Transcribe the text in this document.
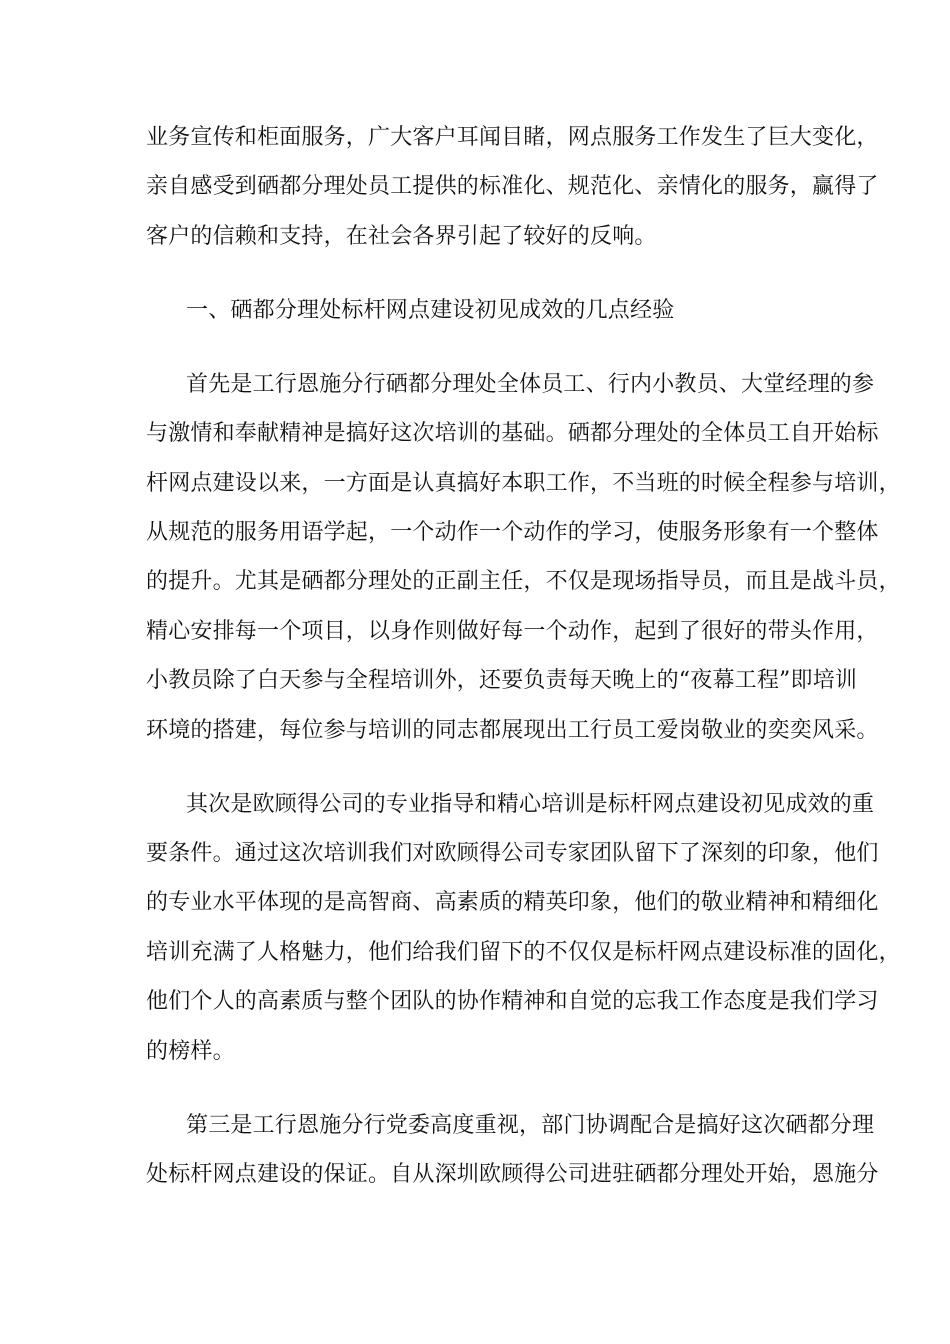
业务宣传和柜面服务，广大客户耳闻目睹，网点服务工作发生了巨大变化，
亲自感受到硒都分理处员工提供的标准化、规范化、亲情化的服务，赢得了
客户的信赖和支持，在社会各界引起了较好的反响。
一、硒都分理处标杆网点建设初见成效的几点经验
首先是工行恩施分行硒都分理处全体员工、行内小教员、大堂经理的参
与激情和奉献精神是搞好这次培训的基础。硒都分理处的全体员工自开始标
杆网点建设以来，一方面是认真搞好本职工作，不当班的时候全程参与培训，
从规范的服务用语学起，一个动作一个动作的学习，使服务形象有一个整体
的提升。尤其是硒都分理处的正副主任，不仅是现场指导员，而且是战斗员，
精心安排每一个项目，以身作则做好每一个动作，起到了很好的带头作用，
小教员除了白天参与全程培训外，还要负责每天晚上的“夜幕工程”即培训
环境的搭建，每位参与培训的同志都展现出工行员工爱岗敬业的奕奕风采。
其次是欧顾得公司的专业指导和精心培训是标杆网点建设初见成效的重
要条件。通过这次培训我们对欧顾得公司专家团队留下了深刻的印象，他们
的专业水平体现的是高智商、高素质的精英印象，他们的敬业精神和精细化
培训充满了人格魅力，他们给我们留下的不仅仅是标杆网点建设标准的固化，
他们个人的高素质与整个团队的协作精神和自觉的忘我工作态度是我们学习
的榜样。
第三是工行恩施分行党委高度重视，部门协调配合是搞好这次硒都分理
处标杆网点建设的保证。自从深圳欧顾得公司进驻硒都分理处开始，恩施分
